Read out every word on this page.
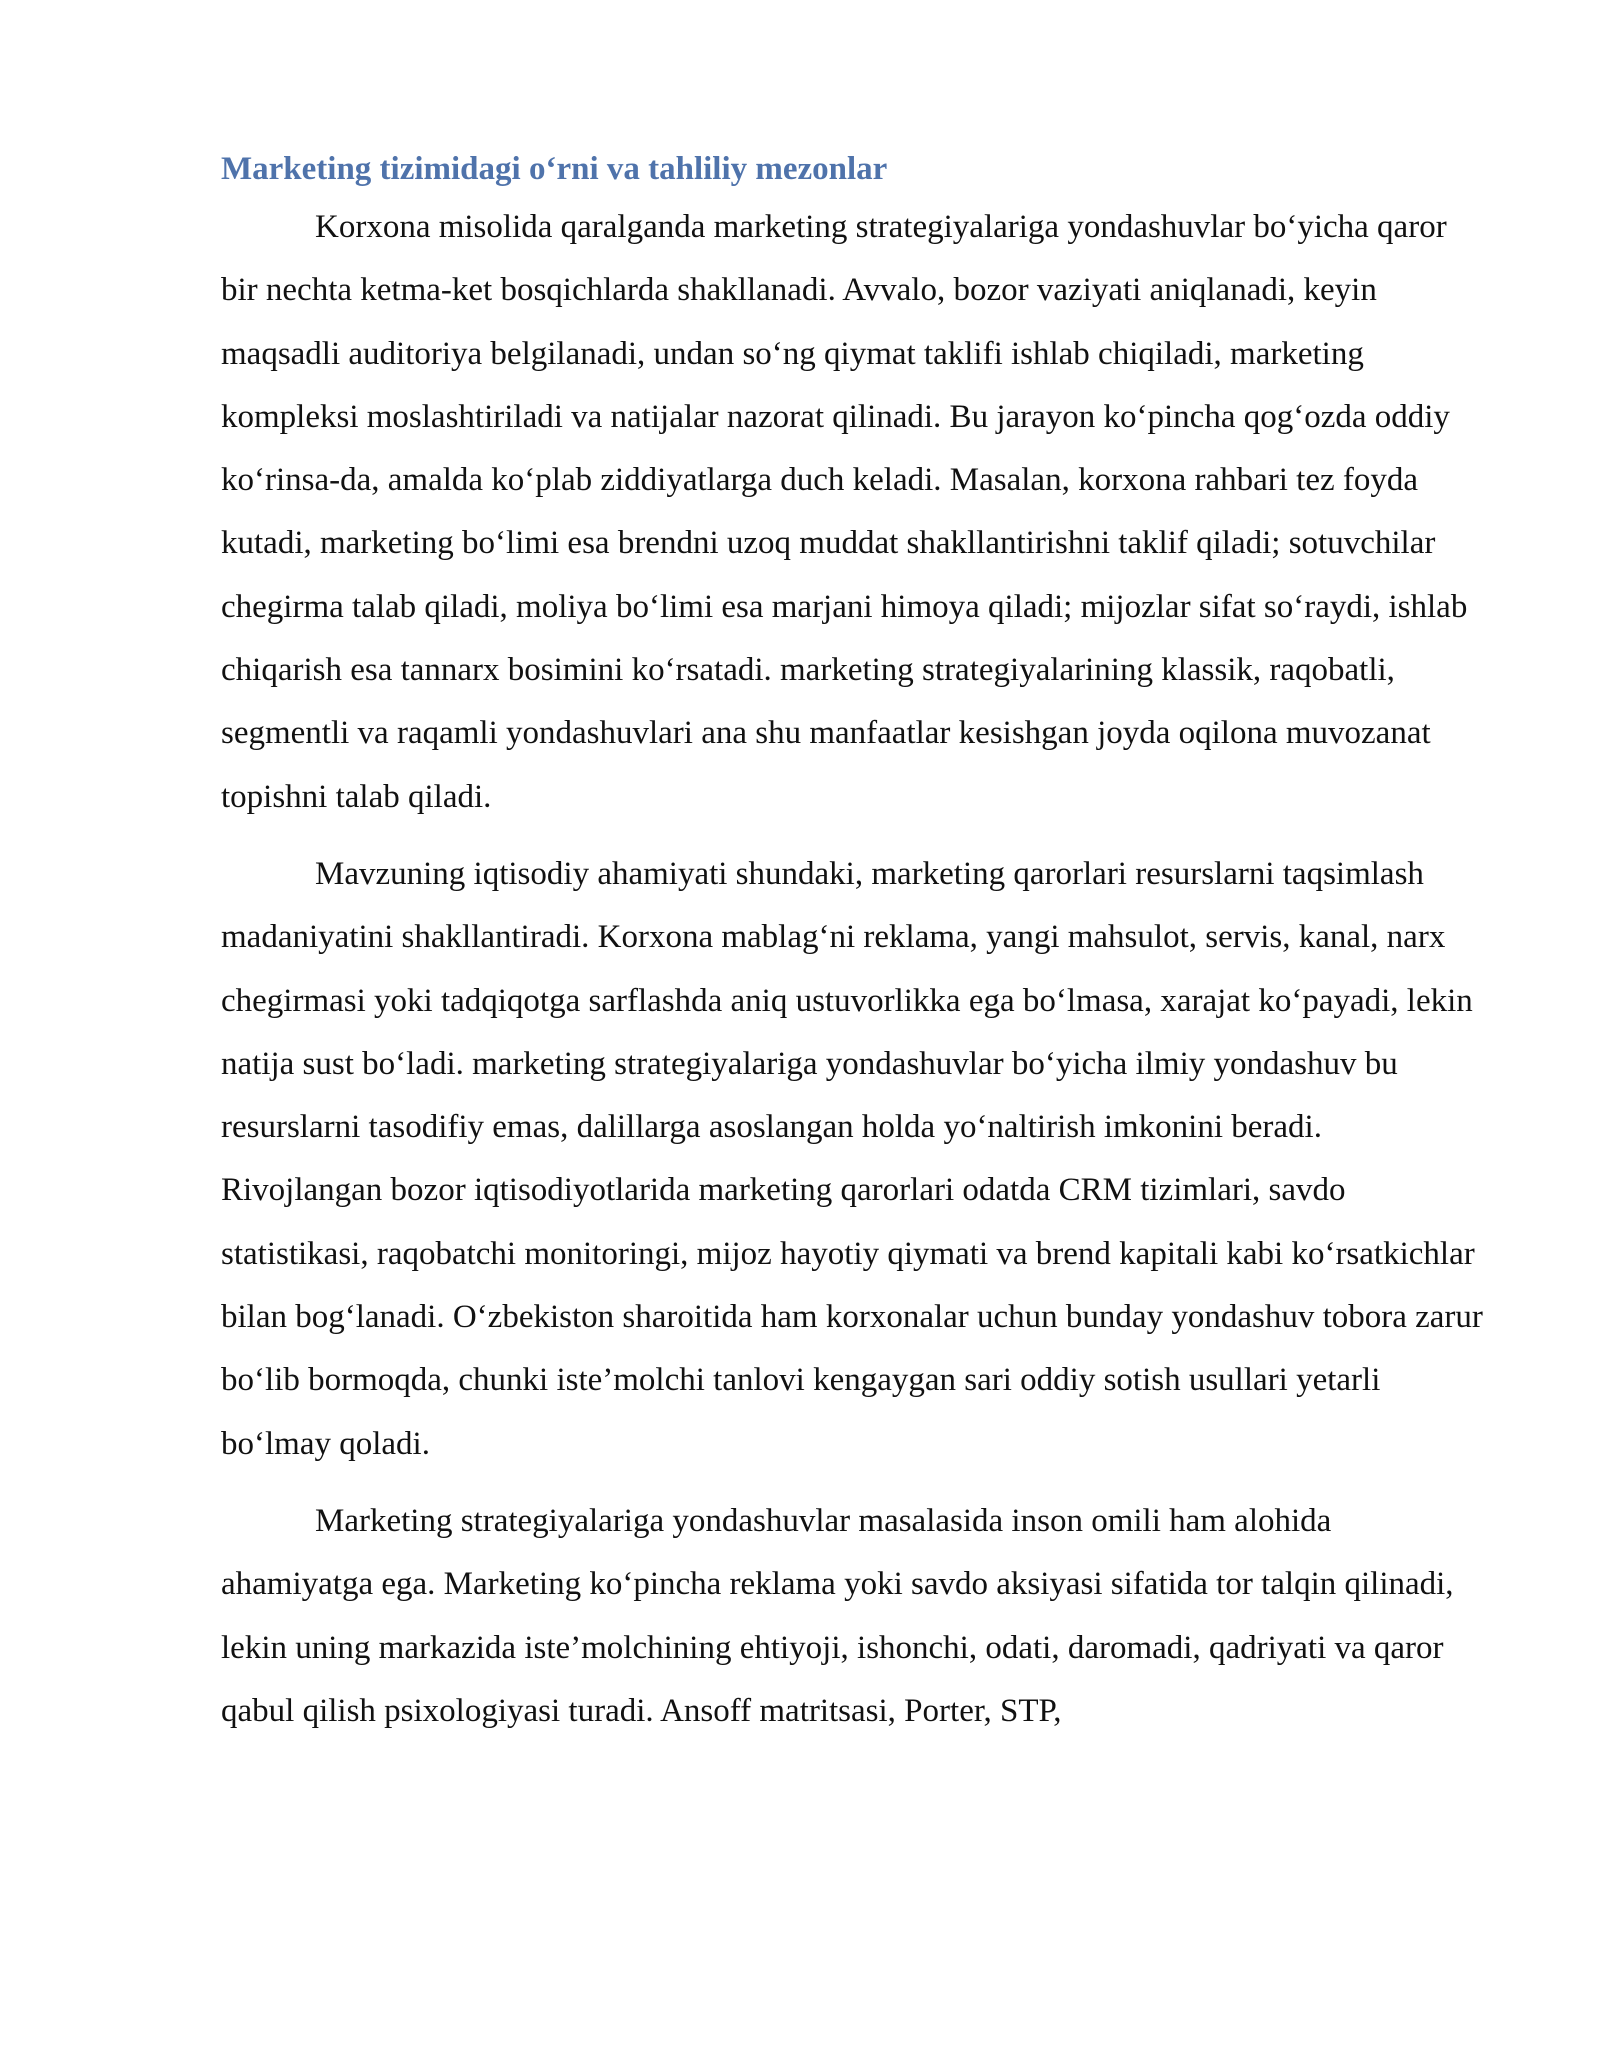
Marketing tizimidagi o‘rni va tahliliy mezonlar

Korxona misolida qaralganda marketing strategiyalariga yondashuvlar bo‘yicha qaror bir nechta ketma-ket bosqichlarda shakllanadi. Avvalo, bozor vaziyati aniqlanadi, keyin maqsadli auditoriya belgilanadi, undan so‘ng qiymat taklifi ishlab chiqiladi, marketing kompleksi moslashtiriladi va natijalar nazorat qilinadi. Bu jarayon ko‘pincha qog‘ozda oddiy ko‘rinsa-da, amalda ko‘plab ziddiyatlarga duch keladi. Masalan, korxona rahbari tez foyda kutadi, marketing bo‘limi esa brendni uzoq muddat shakllantirishni taklif qiladi; sotuvchilar chegirma talab qiladi, moliya bo‘limi esa marjani himoya qiladi; mijozlar sifat so‘raydi, ishlab chiqarish esa tannarx bosimini ko‘rsatadi. marketing strategiyalarining klassik, raqobatli, segmentli va raqamli yondashuvlari ana shu manfaatlar kesishgan joyda oqilona muvozanat topishni talab qiladi.

Mavzuning iqtisodiy ahamiyati shundaki, marketing qarorlari resurslarni taqsimlash madaniyatini shakllantiradi. Korxona mablag‘ni reklama, yangi mahsulot, servis, kanal, narx chegirmasi yoki tadqiqotga sarflashda aniq ustuvorlikka ega bo‘lmasa, xarajat ko‘payadi, lekin natija sust bo‘ladi. marketing strategiyalariga yondashuvlar bo‘yicha ilmiy yondashuv bu resurslarni tasodifiy emas, dalillarga asoslangan holda yo‘naltirish imkonini beradi. Rivojlangan bozor iqtisodiyotlarida marketing qarorlari odatda CRM tizimlari, savdo statistikasi, raqobatchi monitoringi, mijoz hayotiy qiymati va brend kapitali kabi ko‘rsatkichlar bilan bog‘lanadi. O‘zbekiston sharoitida ham korxonalar uchun bunday yondashuv tobora zarur bo‘lib bormoqda, chunki iste’molchi tanlovi kengaygan sari oddiy sotish usullari yetarli bo‘lmay qoladi.

Marketing strategiyalariga yondashuvlar masalasida inson omili ham alohida ahamiyatga ega. Marketing ko‘pincha reklama yoki savdo aksiyasi sifatida tor talqin qilinadi, lekin uning markazida iste’molchining ehtiyoji, ishonchi, odati, daromadi, qadriyati va qaror qabul qilish psixologiyasi turadi. Ansoff matritsasi, Porter, STP,
